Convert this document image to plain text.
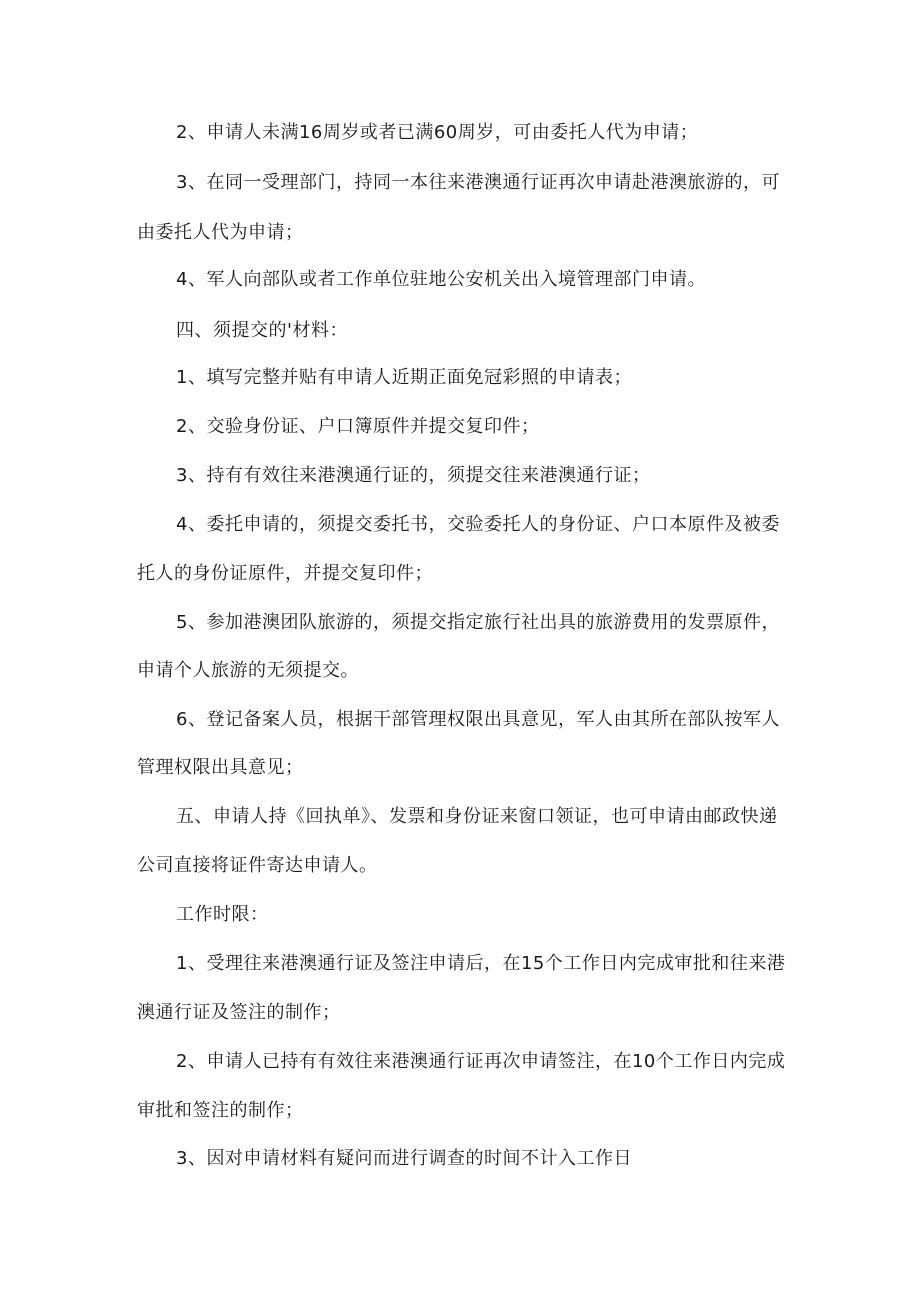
2、申请人未满16周岁或者已满60周岁，可由委托人代为申请；
3、在同一受理部门，持同一本往来港澳通行证再次申请赴港澳旅游的，可
由委托人代为申请；
4、军人向部队或者工作单位驻地公安机关出入境管理部门申请。
四、须提交的'材料：
1、填写完整并贴有申请人近期正面免冠彩照的申请表；
2、交验身份证、户口簿原件并提交复印件；
3、持有有效往来港澳通行证的，须提交往来港澳通行证；
4、委托申请的，须提交委托书，交验委托人的身份证、户口本原件及被委
托人的身份证原件，并提交复印件；
5、参加港澳团队旅游的，须提交指定旅行社出具的旅游费用的发票原件，
申请个人旅游的无须提交。
6、登记备案人员，根据干部管理权限出具意见，军人由其所在部队按军人
管理权限出具意见；
五、申请人持《回执单》、发票和身份证来窗口领证，也可申请由邮政快递
公司直接将证件寄达申请人。
工作时限：
1、受理往来港澳通行证及签注申请后，在15个工作日内完成审批和往来港
澳通行证及签注的制作；
2、申请人已持有有效往来港澳通行证再次申请签注，在10个工作日内完成
审批和签注的制作；
3、因对申请材料有疑问而进行调查的时间不计入工作日
